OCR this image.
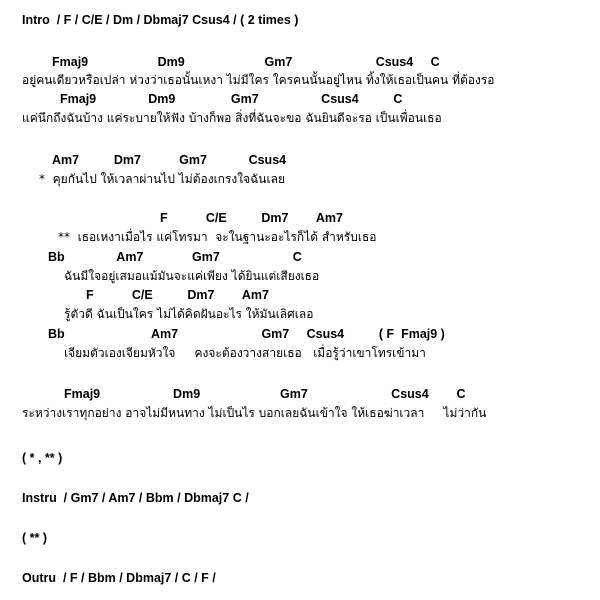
Intro  / F / C/E / Dm / Dbmaj7 Csus4 / ( 2 times )
Fmaj9                    Dm9                       Gm7                        Csus4     C
อยู่คนเดียวหรือเปล่า ห่วงว่าเธอนั้นเหงา ไม่มีใคร ใครคนนั้นอยู่ไหน ทิ้งให้เธอเป็นคน ที่ต้องรอ
Fmaj9               Dm9                Gm7                  Csus4          C
แค่นึกถึงฉันบ้าง แค่ระบายให้ฟัง บ้างก็พอ สิ่งที่ฉันจะขอ ฉันยินดีจะรอ เป็นเพื่อนเธอ
Am7          Dm7           Gm7            Csus4
*  คุยกันไป ให้เวลาผ่านไป ไม่ต้องเกรงใจฉันเลย
F           C/E          Dm7        Am7
**  เธอเหงาเมื่อไร แค่โทรมา  จะในฐานะอะไรก็ได้ สำหรับเธอ
Bb               Am7              Gm7                     C
ฉันมีใจอยู่เสมอแม้มันจะแค่เพียง ได้ยินแต่เสียงเธอ
F           C/E          Dm7        Am7
รู้ตัวดี ฉันเป็นใคร ไม่ได้คิดฝันอะไร ให้มันเลิศเลอ
Bb                         Am7                        Gm7     Csus4          ( F  Fmaj9 )
เจียมตัวเองเจียมหัวใจ     คงจะต้องวางสายเธอ   เมื่อรู้ว่าเขาโทรเข้ามา
Fmaj9                     Dm9                       Gm7                        Csus4        C
ระหว่างเราทุกอย่าง อาจไม่มีหนทาง ไม่เป็นไร บอกเลยฉันเข้าใจ ให้เธอฆ่าเวลา     ไม่ว่ากัน
( * , ** )
Instru  / Gm7 / Am7 / Bbm / Dbmaj7 C /
( ** )
Outru  / F / Bbm / Dbmaj7 / C / F /
